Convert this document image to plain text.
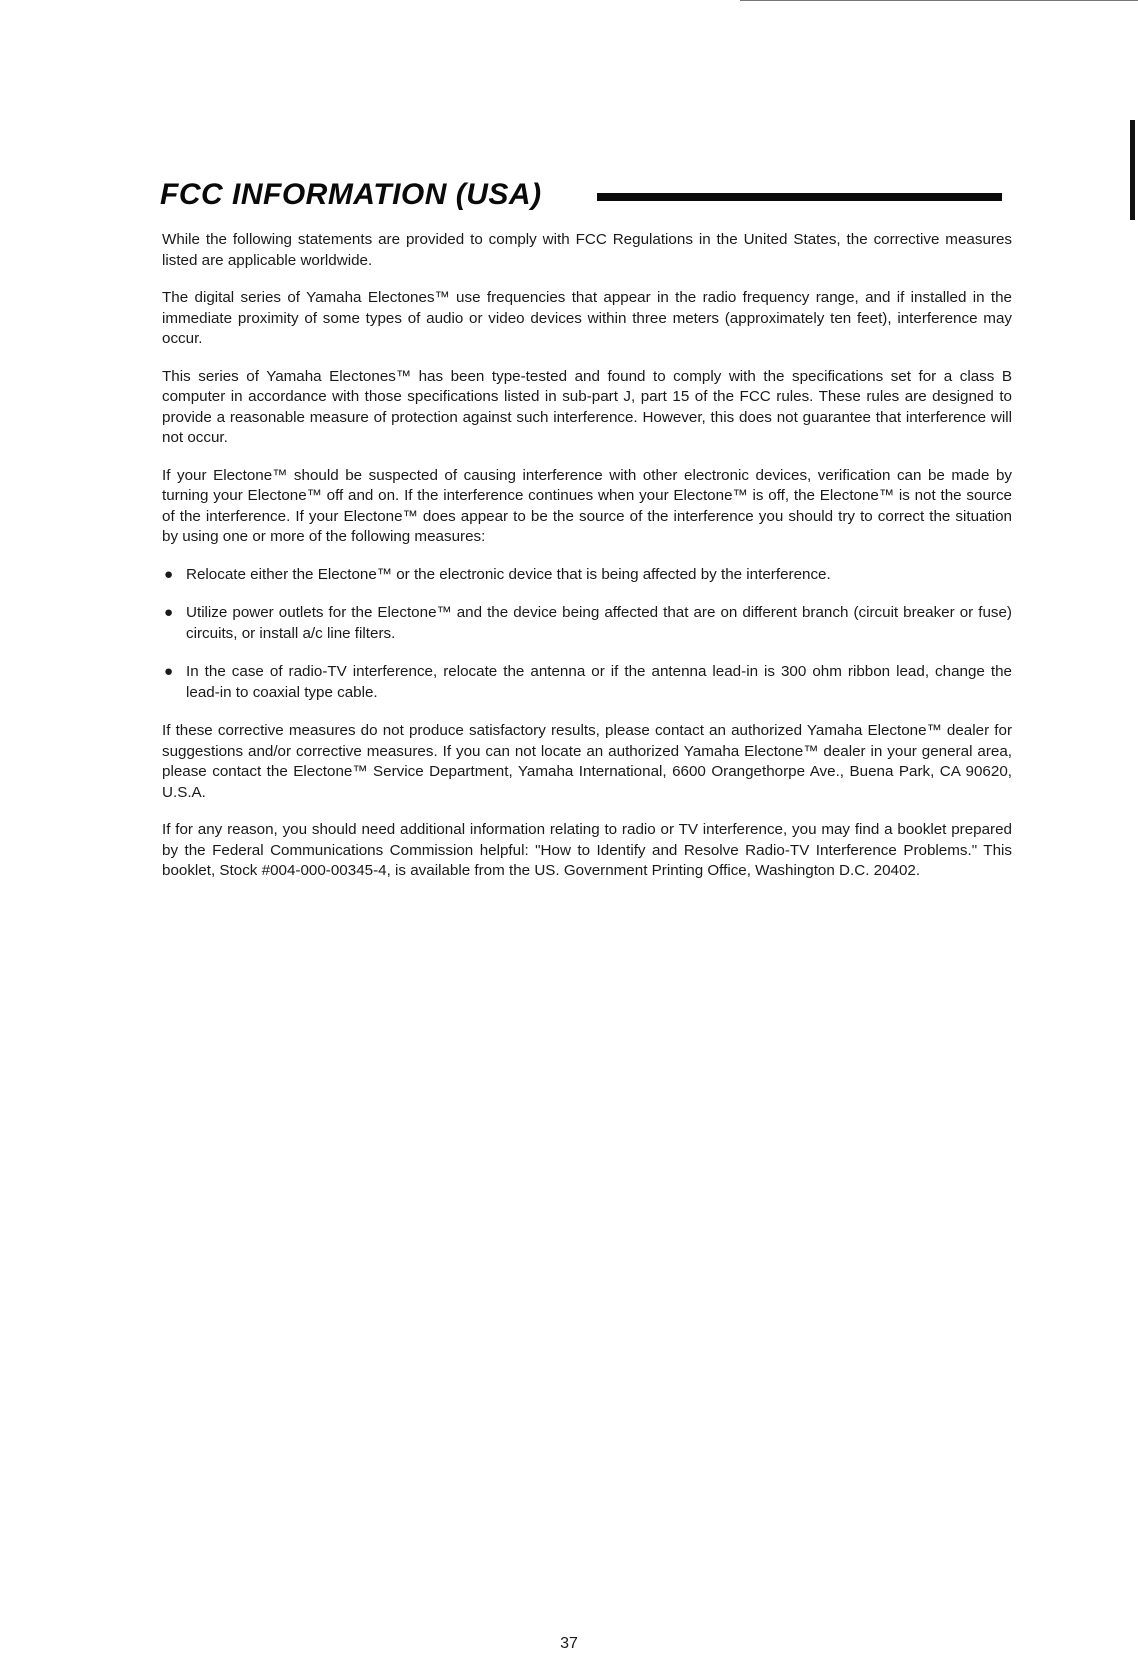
FCC INFORMATION (USA)

While the following statements are provided to comply with FCC Regulations in the United States, the corrective measures listed are applicable worldwide.

The digital series of Yamaha Electones™ use frequencies that appear in the radio frequency range, and if installed in the immediate proximity of some types of audio or video devices within three meters (approximately ten feet), interference may occur.

This series of Yamaha Electones™ has been type-tested and found to comply with the specifications set for a class B computer in accordance with those specifications listed in sub-part J, part 15 of the FCC rules. These rules are designed to provide a reasonable measure of protection against such interference. However, this does not guarantee that interference will not occur.

If your Electone™ should be suspected of causing interference with other electronic devices, verification can be made by turning your Electone™ off and on. If the interference continues when your Electone™ is off, the Electone™ is not the source of the interference. If your Electone™ does appear to be the source of the interference you should try to correct the situation by using one or more of the following measures:

● Relocate either the Electone™ or the electronic device that is being affected by the interference.
● Utilize power outlets for the Electone™ and the device being affected that are on different branch (circuit breaker or fuse) circuits, or install a/c line filters.
● In the case of radio-TV interference, relocate the antenna or if the antenna lead-in is 300 ohm ribbon lead, change the lead-in to coaxial type cable.

If these corrective measures do not produce satisfactory results, please contact an authorized Yamaha Electone™ dealer for suggestions and/or corrective measures. If you can not locate an authorized Yamaha Electone™ dealer in your general area, please contact the Electone™ Service Department, Yamaha International, 6600 Orangethorpe Ave., Buena Park, CA 90620, U.S.A.

If for any reason, you should need additional information relating to radio or TV interference, you may find a booklet prepared by the Federal Communications Commission helpful: "How to Identify and Resolve Radio-TV Interference Problems." This booklet, Stock #004-000-00345-4, is available from the US. Government Printing Office, Washington D.C. 20402.

37
